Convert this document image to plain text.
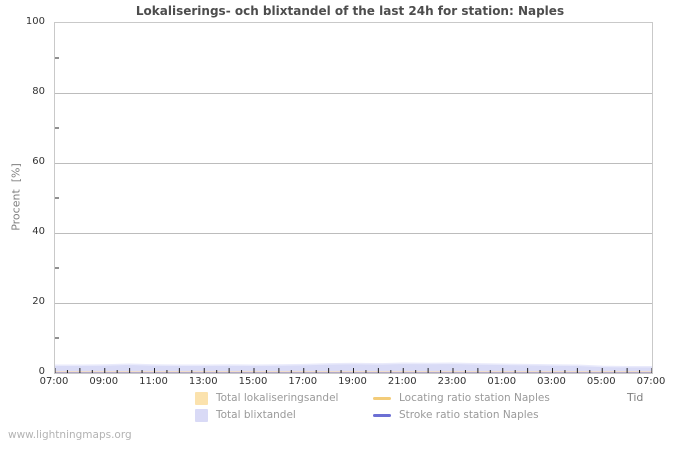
Lokaliserings- och blixtandel of the last 24h for station: Naples
Procent  [%]
0
20
40
60
80
100
07:00 09:00 11:00 13:00 15:00 17:00 19:00 21:00 23:00 01:00 03:00 05:00 07:00
Tid
Total lokaliseringsandel	Locating ratio station Naples
Total blixtandel	Stroke ratio station Naples
www.lightningmaps.org
